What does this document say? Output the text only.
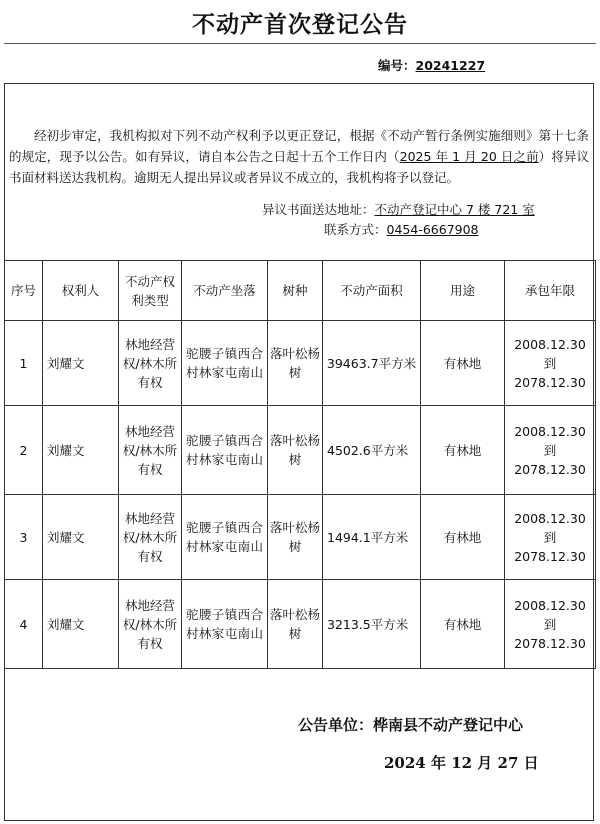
不动产首次登记公告
编号：20241227

经初步审定，我机构拟对下列不动产权利予以更正登记，根据《不动产暂行条例实施细则》第十七条的规定，现予以公告。如有异议，请自本公告之日起十五个工作日内（2025 年 1 月 20 日之前）将异议书面材料送达我机构。逾期无人提出异议或者异议不成立的，我机构将予以登记。

异议书面送达地址：不动产登记中心 7 楼 721 室
联系方式：0454-6667908
序号	权利人	不动产权利类型	不动产坐落	树种	不动产面积	用途	承包年限
1	刘耀文	林地经营权/林木所有权	驼腰子镇西合村林家屯南山	落叶松杨树	39463.7平方米	有林地	2008.12.30
到
2078.12.30

2	刘耀文	林地经营权/林木所有权	驼腰子镇西合村林家屯南山	落叶松杨树	4502.6平方米	有林地	2008.12.30
到
2078.12.30

3	刘耀文	林地经营权/林木所有权	驼腰子镇西合村林家屯南山	落叶松杨树	1494.1平方米	有林地	2008.12.30
到
2078.12.30

4	刘耀文	林地经营权/林木所有权	驼腰子镇西合村林家屯南山	落叶松杨树	3213.5平方米	有林地	2008.12.30
到
2078.12.30
公告单位：桦南县不动产登记中心
2024 年 12 月 27 日
